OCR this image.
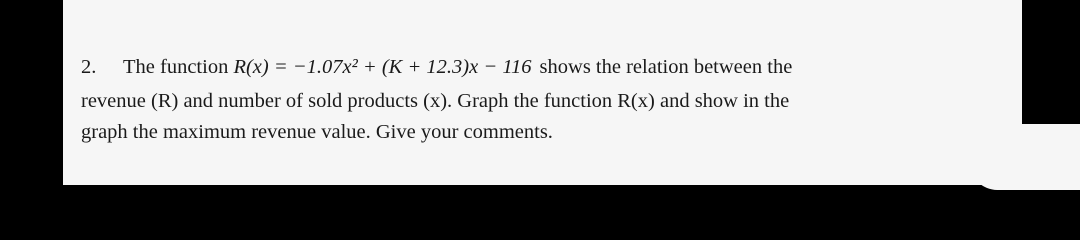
2. The function R(x) = −1.07x² + (K + 12.3)x − 116 shows the relation between the
revenue (R) and number of sold products (x). Graph the function R(x) and show in the
graph the maximum revenue value. Give your comments.
